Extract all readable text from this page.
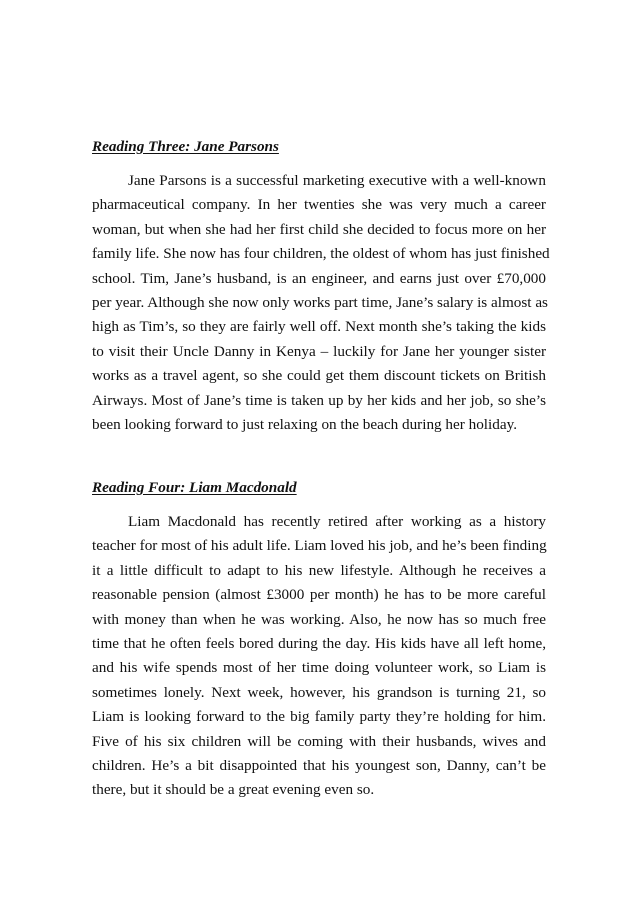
Reading Three: Jane Parsons
Jane Parsons is a successful marketing executive with a well-known
pharmaceutical company. In her twenties she was very much a career
woman, but when she had her first child she decided to focus more on her
family life. She now has four children, the oldest of whom has just finished
school. Tim, Jane’s husband, is an engineer, and earns just over £70,000
per year. Although she now only works part time, Jane’s salary is almost as
high as Tim’s, so they are fairly well off. Next month she’s taking the kids
to visit their Uncle Danny in Kenya – luckily for Jane her younger sister
works as a travel agent, so she could get them discount tickets on British
Airways. Most of Jane’s time is taken up by her kids and her job, so she’s
been looking forward to just relaxing on the beach during her holiday.
Reading Four: Liam Macdonald
Liam Macdonald has recently retired after working as a history
teacher for most of his adult life. Liam loved his job, and he’s been finding
it a little difficult to adapt to his new lifestyle. Although he receives a
reasonable pension (almost £3000 per month) he has to be more careful
with money than when he was working. Also, he now has so much free
time that he often feels bored during the day. His kids have all left home,
and his wife spends most of her time doing volunteer work, so Liam is
sometimes lonely. Next week, however, his grandson is turning 21, so
Liam is looking forward to the big family party they’re holding for him.
Five of his six children will be coming with their husbands, wives and
children. He’s a bit disappointed that his youngest son, Danny, can’t be
there, but it should be a great evening even so.
